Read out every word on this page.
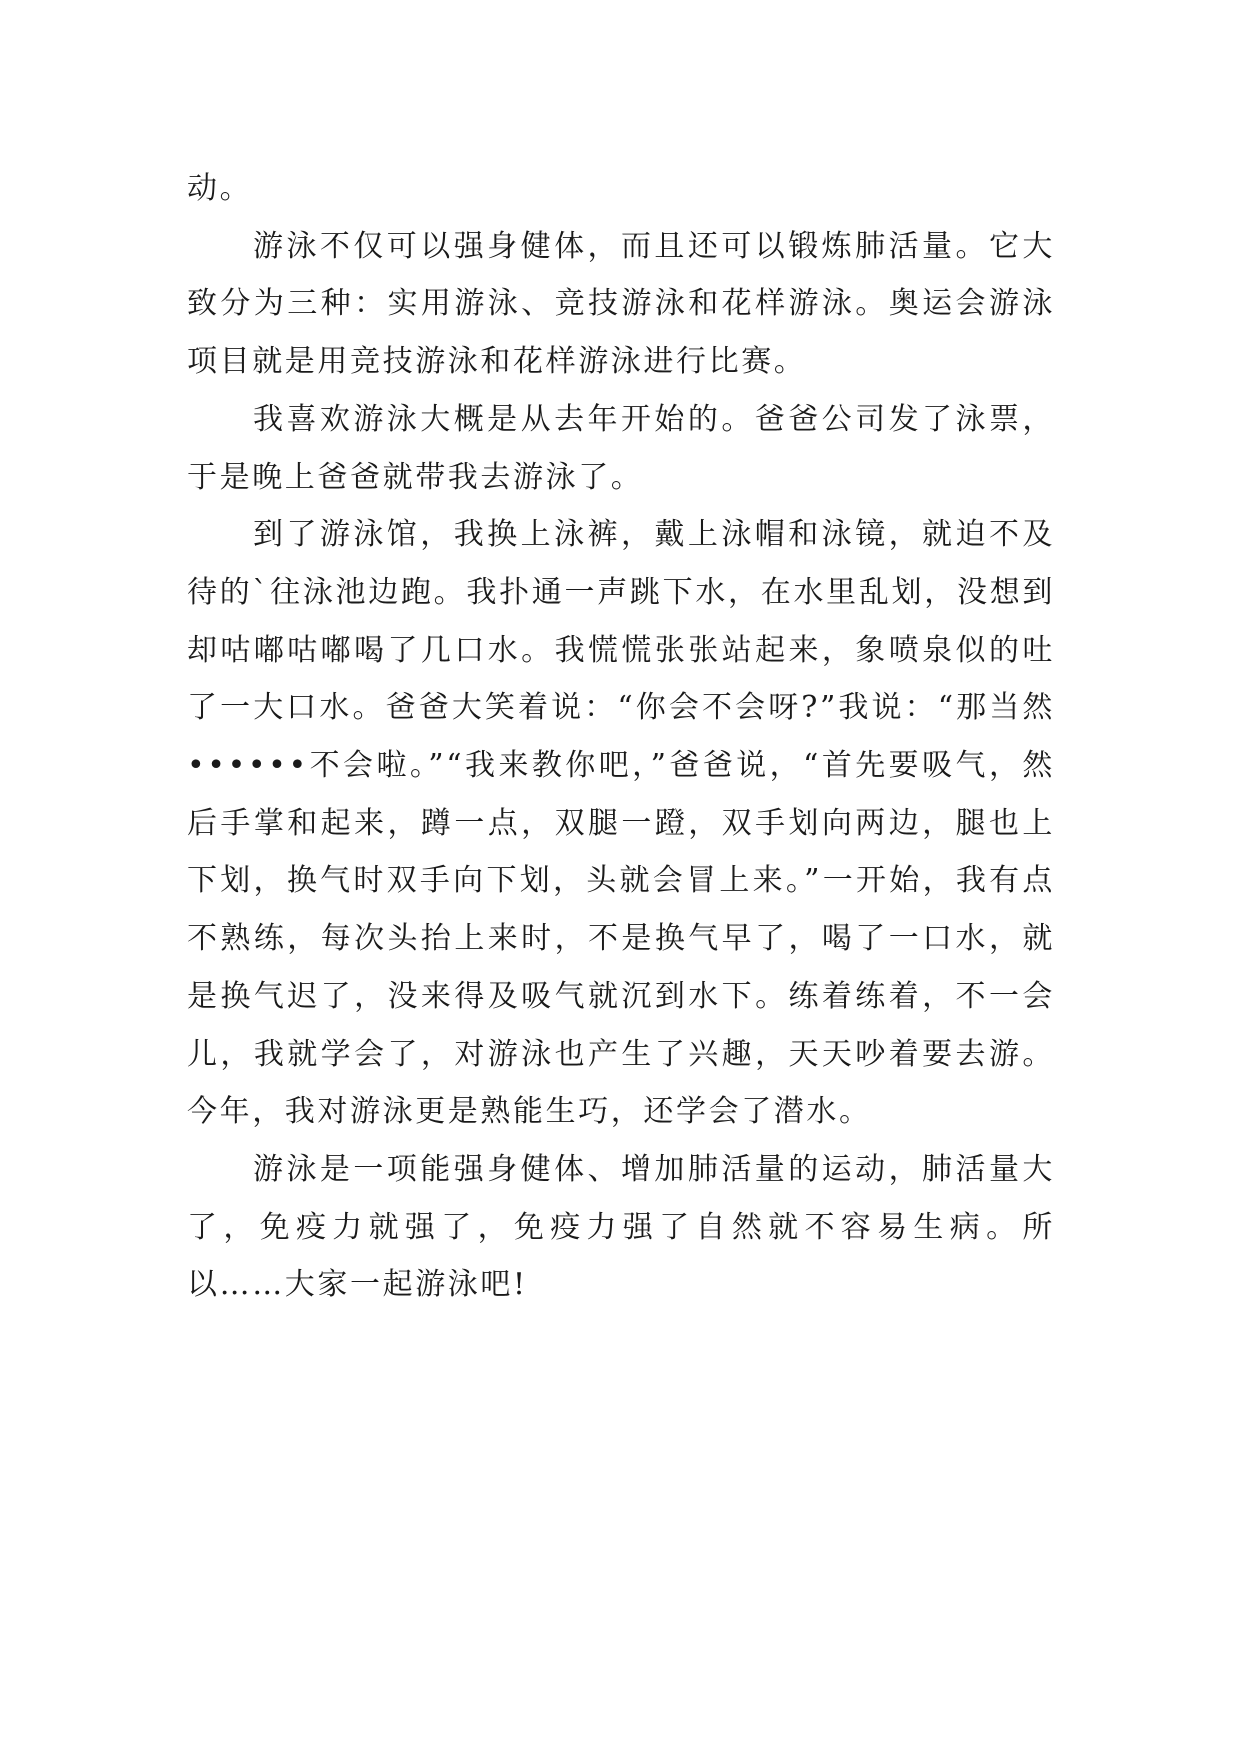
动。

游泳不仅可以强身健体，而且还可以锻炼肺活量。它大致分为三种：实用游泳、竞技游泳和花样游泳。奥运会游泳项目就是用竞技游泳和花样游泳进行比赛。

我喜欢游泳大概是从去年开始的。爸爸公司发了泳票，于是晚上爸爸就带我去游泳了。

到了游泳馆，我换上泳裤，戴上泳帽和泳镜，就迫不及待的`往泳池边跑。我扑通一声跳下水，在水里乱划，没想到却咕嘟咕嘟喝了几口水。我慌慌张张站起来，象喷泉似的吐了一大口水。爸爸大笑着说：“你会不会呀?”我说：“那当然••••••不会啦。”“我来教你吧，”爸爸说，“首先要吸气，然后手掌和起来，蹲一点，双腿一蹬，双手划向两边，腿也上下划，换气时双手向下划，头就会冒上来。”一开始，我有点不熟练，每次头抬上来时，不是换气早了，喝了一口水，就是换气迟了，没来得及吸气就沉到水下。练着练着，不一会儿，我就学会了，对游泳也产生了兴趣，天天吵着要去游。今年，我对游泳更是熟能生巧，还学会了潜水。

游泳是一项能强身健体、增加肺活量的运动，肺活量大了，免疫力就强了，免疫力强了自然就不容易生病。所以……大家一起游泳吧!
